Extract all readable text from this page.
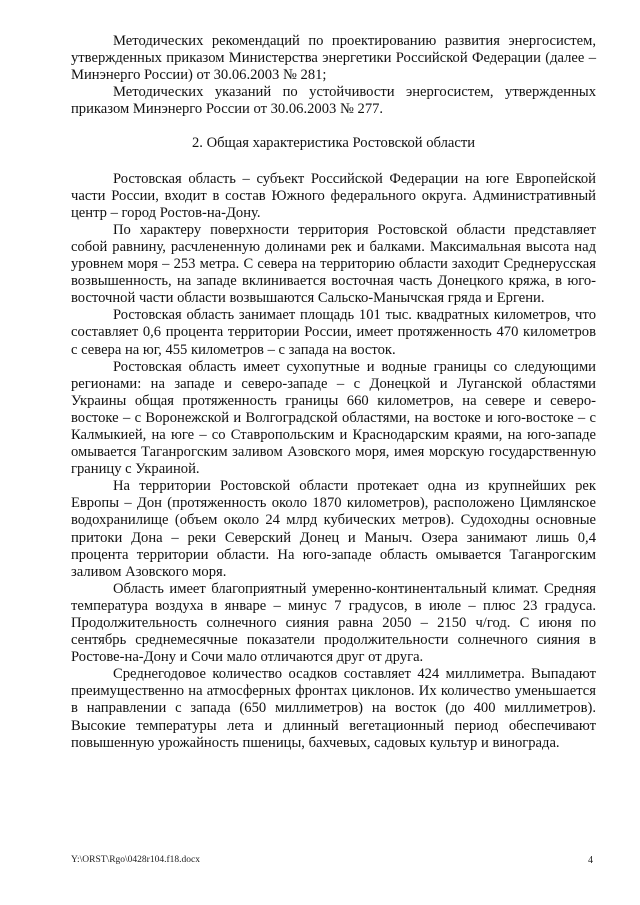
Методических рекомендаций по проектированию развития энергосистем, утвержденных приказом Министерства энергетики Российской Федерации (далее – Минэнерго России) от 30.06.2003 № 281;

Методических указаний по устойчивости энергосистем, утвержденных приказом Минэнерго России от 30.06.2003 № 277.

2. Общая характеристика Ростовской области

Ростовская область – субъект Российской Федерации на юге Европейской части России, входит в состав Южного федерального округа. Административный центр – город Ростов-на-Дону.

По характеру поверхности территория Ростовской области представляет собой равнину, расчлененную долинами рек и балками. Максимальная высота над уровнем моря – 253 метра. С севера на территорию области заходит Среднерусская возвышенность, на западе вклинивается восточная часть Донецкого кряжа, в юго-восточной части области возвышаются Сальско-Манычская гряда и Ергени.

Ростовская область занимает площадь 101 тыс. квадратных километров, что составляет 0,6 процента территории России, имеет протяженность 470 километров с севера на юг, 455 километров – с запада на восток.

Ростовская область имеет сухопутные и водные границы со следующими регионами: на западе и северо-западе – с Донецкой и Луганской областями Украины общая протяженность границы 660 километров, на севере и северо-востоке – с Воронежской и Волгоградской областями, на востоке и юго-востоке – с Калмыкией, на юге – со Ставропольским и Краснодарским краями, на юго-западе омывается Таганрогским заливом Азовского моря, имея морскую государственную границу с Украиной.

На территории Ростовской области протекает одна из крупнейших рек Европы – Дон (протяженность около 1870 километров), расположено Цимлянское водохранилище (объем около 24 млрд кубических метров). Судоходны основные притоки Дона – реки Северский Донец и Маныч. Озера занимают лишь 0,4 процента территории области. На юго-западе область омывается Таганрогским заливом Азовского моря.

Область имеет благоприятный умеренно-континентальный климат. Средняя температура воздуха в январе – минус 7 градусов, в июле – плюс 23 градуса. Продолжительность солнечного сияния равна 2050 – 2150 ч/год. С июня по сентябрь среднемесячные показатели продолжительности солнечного сияния в Ростове-на-Дону и Сочи мало отличаются друг от друга.

Среднегодовое количество осадков составляет 424 миллиметра. Выпадают преимущественно на атмосферных фронтах циклонов. Их количество уменьшается в направлении с запада (650 миллиметров) на восток (до 400 миллиметров). Высокие температуры лета и длинный вегетационный период обеспечивают повышенную урожайность пшеницы, бахчевых, садовых культур и винограда.

Y:\ORST\Rgo\0428r104.f18.docx	4
